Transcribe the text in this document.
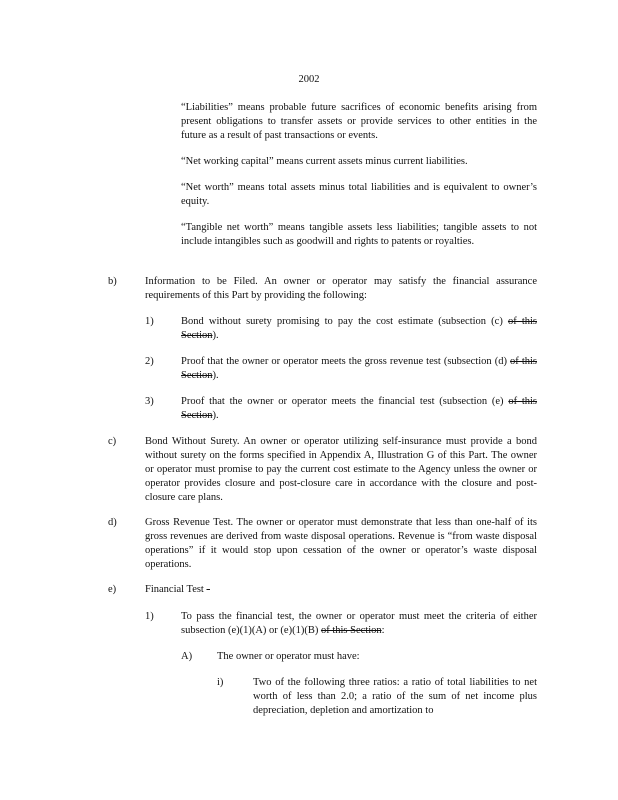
2002
“Liabilities” means probable future sacrifices of economic benefits arising from present obligations to transfer assets or provide services to other entities in the future as a result of past transactions or events.
“Net working capital” means current assets minus current liabilities.
“Net worth” means total assets minus total liabilities and is equivalent to owner’s equity.
“Tangible net worth” means tangible assets less liabilities; tangible assets to not include intangibles such as goodwill and rights to patents or royalties.
b)	Information to be Filed. An owner or operator may satisfy the financial assurance requirements of this Part by providing the following:
1)	Bond without surety promising to pay the cost estimate (subsection (c) of this Section).
2)	Proof that the owner or operator meets the gross revenue test (subsection (d) of this Section).
3)	Proof that the owner or operator meets the financial test (subsection (e) of this Section).
c)	Bond Without Surety. An owner or operator utilizing self-insurance must provide a bond without surety on the forms specified in Appendix A, Illustration G of this Part. The owner or operator must promise to pay the current cost estimate to the Agency unless the owner or operator provides closure and post-closure care in accordance with the closure and post-closure care plans.
d)	Gross Revenue Test. The owner or operator must demonstrate that less than one-half of its gross revenues are derived from waste disposal operations. Revenue is “from waste disposal operations” if it would stop upon cessation of the owner or operator’s waste disposal operations.
e)	Financial Test -
1)	To pass the financial test, the owner or operator must meet the criteria of either subsection (e)(1)(A) or (e)(1)(B) of this Section:
A) The owner or operator must have:
i)	Two of the following three ratios: a ratio of total liabilities to net worth of less than 2.0; a ratio of the sum of net income plus depreciation, depletion and amortization to
